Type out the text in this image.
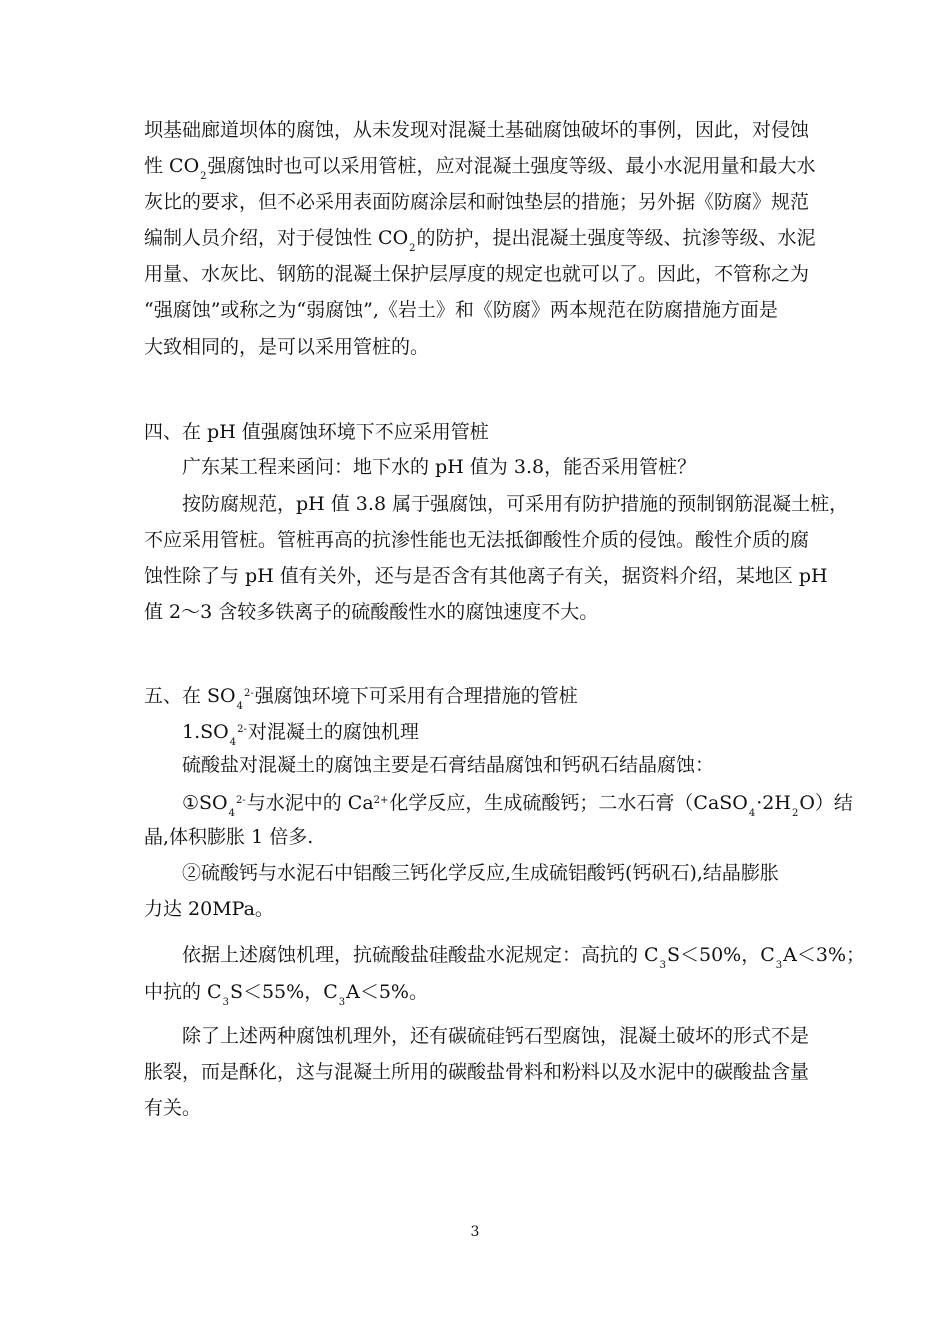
坝基础廊道坝体的腐蚀，从未发现对混凝土基础腐蚀破坏的事例，因此，对侵蚀
性 $CO_2$强腐蚀时也可以采用管桩，应对混凝土强度等级、最小水泥用量和最大水
灰比的要求，但不必采用表面防腐涂层和耐蚀垫层的措施；另外据《防腐》规范
编制人员介绍，对于侵蚀性 $CO_2$的防护，提出混凝土强度等级、抗渗等级、水泥
用量、水灰比、钢筋的混凝土保护层厚度的规定也就可以了。因此，不管称之为
“强腐蚀”或称之为“弱腐蚀”,《岩土》和《防腐》两本规范在防腐措施方面是
大致相同的，是可以采用管桩的。
四、在 pH 值强腐蚀环境下不应采用管桩
广东某工程来函问：地下水的 pH 值为 3.8，能否采用管桩？
按防腐规范，pH 值 3.8 属于强腐蚀，可采用有防护措施的预制钢筋混凝土桩，
不应采用管桩。管桩再高的抗渗性能也无法抵御酸性介质的侵蚀。酸性介质的腐
蚀性除了与 pH 值有关外，还与是否含有其他离子有关，据资料介绍，某地区 pH
值 2～3 含较多铁离子的硫酸酸性水的腐蚀速度不大。
五、在 $SO_4^{2-}$强腐蚀环境下可采用有合理措施的管桩
$1.SO_4^{2-}$对混凝土的腐蚀机理
硫酸盐对混凝土的腐蚀主要是石膏结晶腐蚀和钙矾石结晶腐蚀：
$①SO_4^{2-}$与水泥中的 $Ca^{2+}$化学反应，生成硫酸钙；二水石膏$(CaSO_4\cdot 2H_2O)$结
晶,体积膨胀 1 倍多.
②硫酸钙与水泥石中铝酸三钙化学反应,生成硫铝酸钙(钙矾石),结晶膨胀
力达 20MPa。
依据上述腐蚀机理，抗硫酸盐硅酸盐水泥规定：高抗的 $C_3S<50\%$，$C_3A<3\%$；
中抗的 $C_3S<55\%$，$C_3A<5\%$。
除了上述两种腐蚀机理外，还有碳硫硅钙石型腐蚀，混凝土破坏的形式不是
胀裂，而是酥化，这与混凝土所用的碳酸盐骨料和粉料以及水泥中的碳酸盐含量
有关。
3
